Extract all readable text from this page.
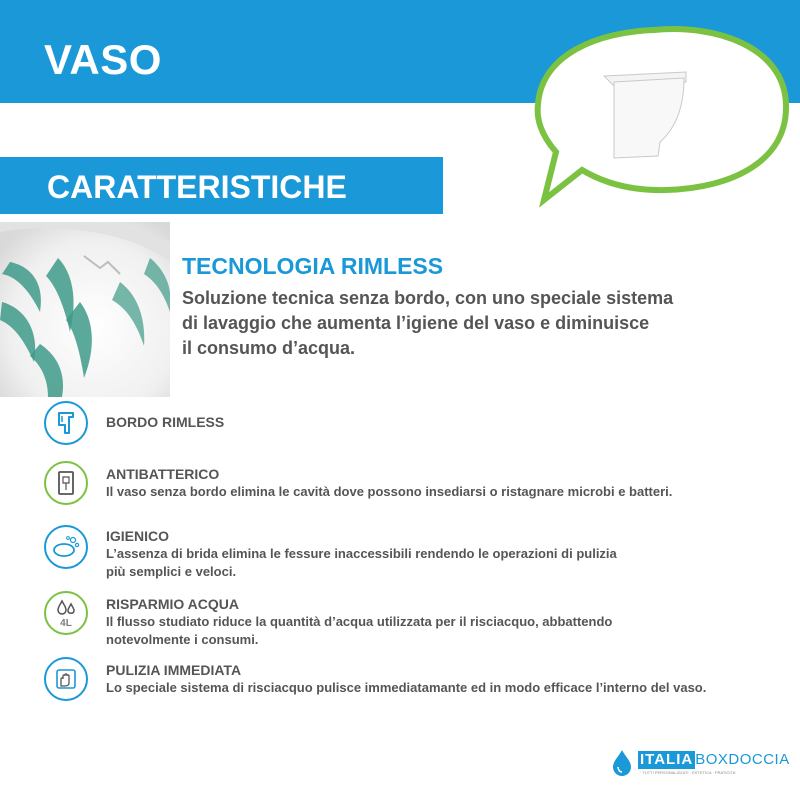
VASO
CARATTERISTICHE
TECNOLOGIA RIMLESS
Soluzione tecnica senza bordo, con uno speciale sistema
di lavaggio che aumenta l’igiene del vaso e diminuisce
il consumo d’acqua.
BORDO RIMLESS
ANTIBATTERICO
Il vaso senza bordo elimina le cavità dove possono insediarsi o ristagnare microbi e batteri.
IGIENICO
L’assenza di brida elimina le fessure inaccessibili rendendo le operazioni di pulizia
più semplici e veloci.
4L
RISPARMIO ACQUA
Il flusso studiato riduce la quantità d’acqua utilizzata per il risciacquo, abbattendo
notevolmente i consumi.
PULIZIA IMMEDIATA
Lo speciale sistema di risciacquo pulisce immediatamante ed in modo efficace l’interno del vaso.
ITALIA BOXDOCCIA
· TUTTI PERSONALIZZATI · ESTETICA · PRATICITA'
